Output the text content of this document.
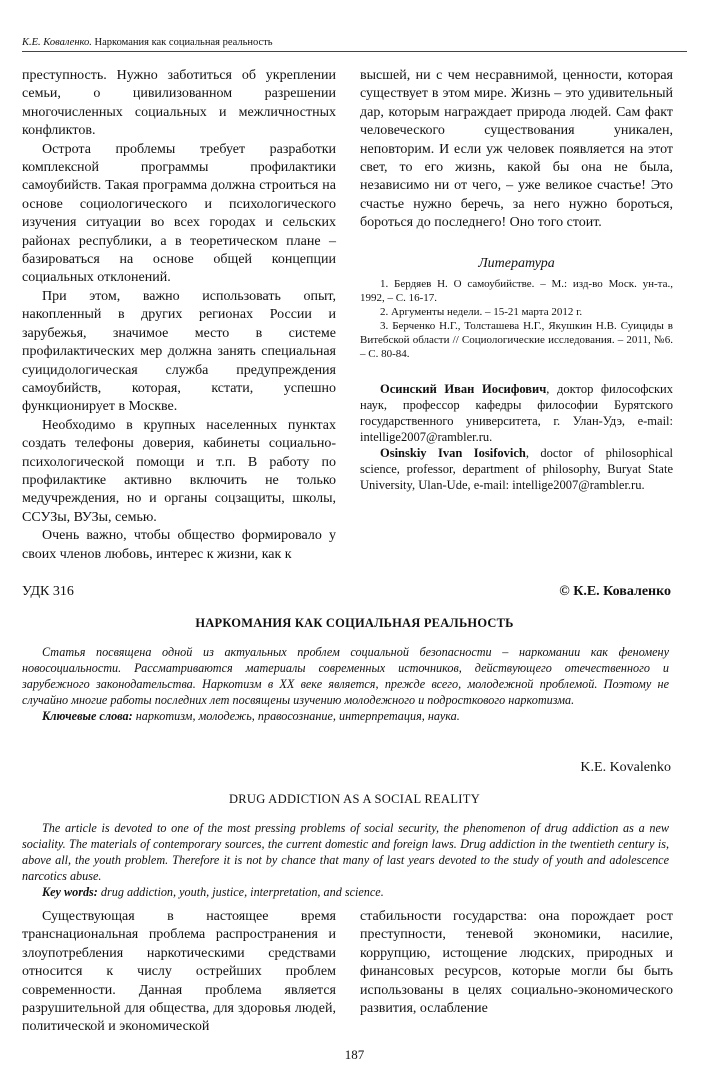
К.Е. Коваленко. Наркомания как социальная реальность

преступность. Нужно заботиться об укреплении семьи, о цивилизованном разрешении многочисленных социальных и межличностных конфликтов.

Острота проблемы требует разработки комплексной программы профилактики самоубийств. Такая программа должна строиться на основе социологического и психологического изучения ситуации во всех городах и сельских районах республики, а в теоретическом плане – базироваться на основе общей концепции социальных отклонений.

При этом, важно использовать опыт, накопленный в других регионах России и зарубежья, значимое место в системе профилактических мер должна занять специальная суицидологическая служба предупреждения самоубийств, которая, кстати, успешно функционирует в Москве.

Необходимо в крупных населенных пунктах создать телефоны доверия, кабинеты социально-психологической помощи и т.п. В работу по профилактике активно включить не только медучреждения, но и органы соцзащиты, школы, ССУЗы, ВУЗы, семью.

Очень важно, чтобы общество формировало у своих членов любовь, интерес к жизни, как к

высшей, ни с чем несравнимой, ценности, которая существует в этом мире. Жизнь – это удивительный дар, которым награждает природа людей. Сам факт человеческого существования уникален, неповторим. И если уж человек появляется на этот свет, то его жизнь, какой бы она не была, независимо ни от чего, – уже великое счастье! Это счастье нужно беречь, за него нужно бороться, бороться до последнего! Оно того стоит.

Литература

1. Бердяев Н. О самоубийстве. – М.: изд-во Моск. ун-та., 1992, – С. 16-17.

2. Аргументы недели. – 15-21 марта 2012 г.

3. Берченко Н.Г., Толсташева Н.Г., Якушкин Н.В. Суициды в Витебской области // Социологические исследования. – 2011, №6. – С. 80-84.

Осинский Иван Иосифович, доктор философских наук, профессор кафедры философии Бурятского государственного университета, г. Улан-Удэ, e-mail: intellige2007@rambler.ru.

Osinskiy Ivan Iosifovich, doctor of philosophical science, professor, department of philosophy, Buryat State University, Ulan-Ude, e-mail: intellige2007@rambler.ru.

УДК 316	© К.Е. Коваленко
НАРКОМАНИЯ КАК СОЦИАЛЬНАЯ РЕАЛЬНОСТЬ

Статья посвящена одной из актуальных проблем социальной безопасности – наркомании как феномену новосоциальности. Рассматриваются материалы современных источников, действующего отечественного и зарубежного законодательства. Наркотизм в XX веке является, прежде всего, молодежной проблемой. Поэтому не случайно многие работы последних лет посвящены изучению молодежного и подросткового наркотизма.

Ключевые слова: наркотизм, молодежь, правосознание, интерпретация, наука.

K.E. Kovalenko
DRUG ADDICTION AS A SOCIAL REALITY

The article is devoted to one of the most pressing problems of social security, the phenomenon of drug addiction as a new sociality. The materials of contemporary sources, the current domestic and foreign laws. Drug addiction in the twentieth century is, above all, the youth problem. Therefore it is not by chance that many of last years devoted to the study of youth and adolescence narcotics abuse.

Key words: drug addiction, youth, justice, interpretation, and science.

Существующая в настоящее время транснациональная проблема распространения и злоупотребления наркотическими средствами относится к числу острейших проблем современности. Данная проблема является разрушительной для общества, для здоровья людей, политической и экономической

стабильности государства: она порождает рост преступности, теневой экономики, насилие, коррупцию, истощение людских, природных и финансовых ресурсов, которые могли бы быть использованы в целях социально-экономического развития, ослабление

187
